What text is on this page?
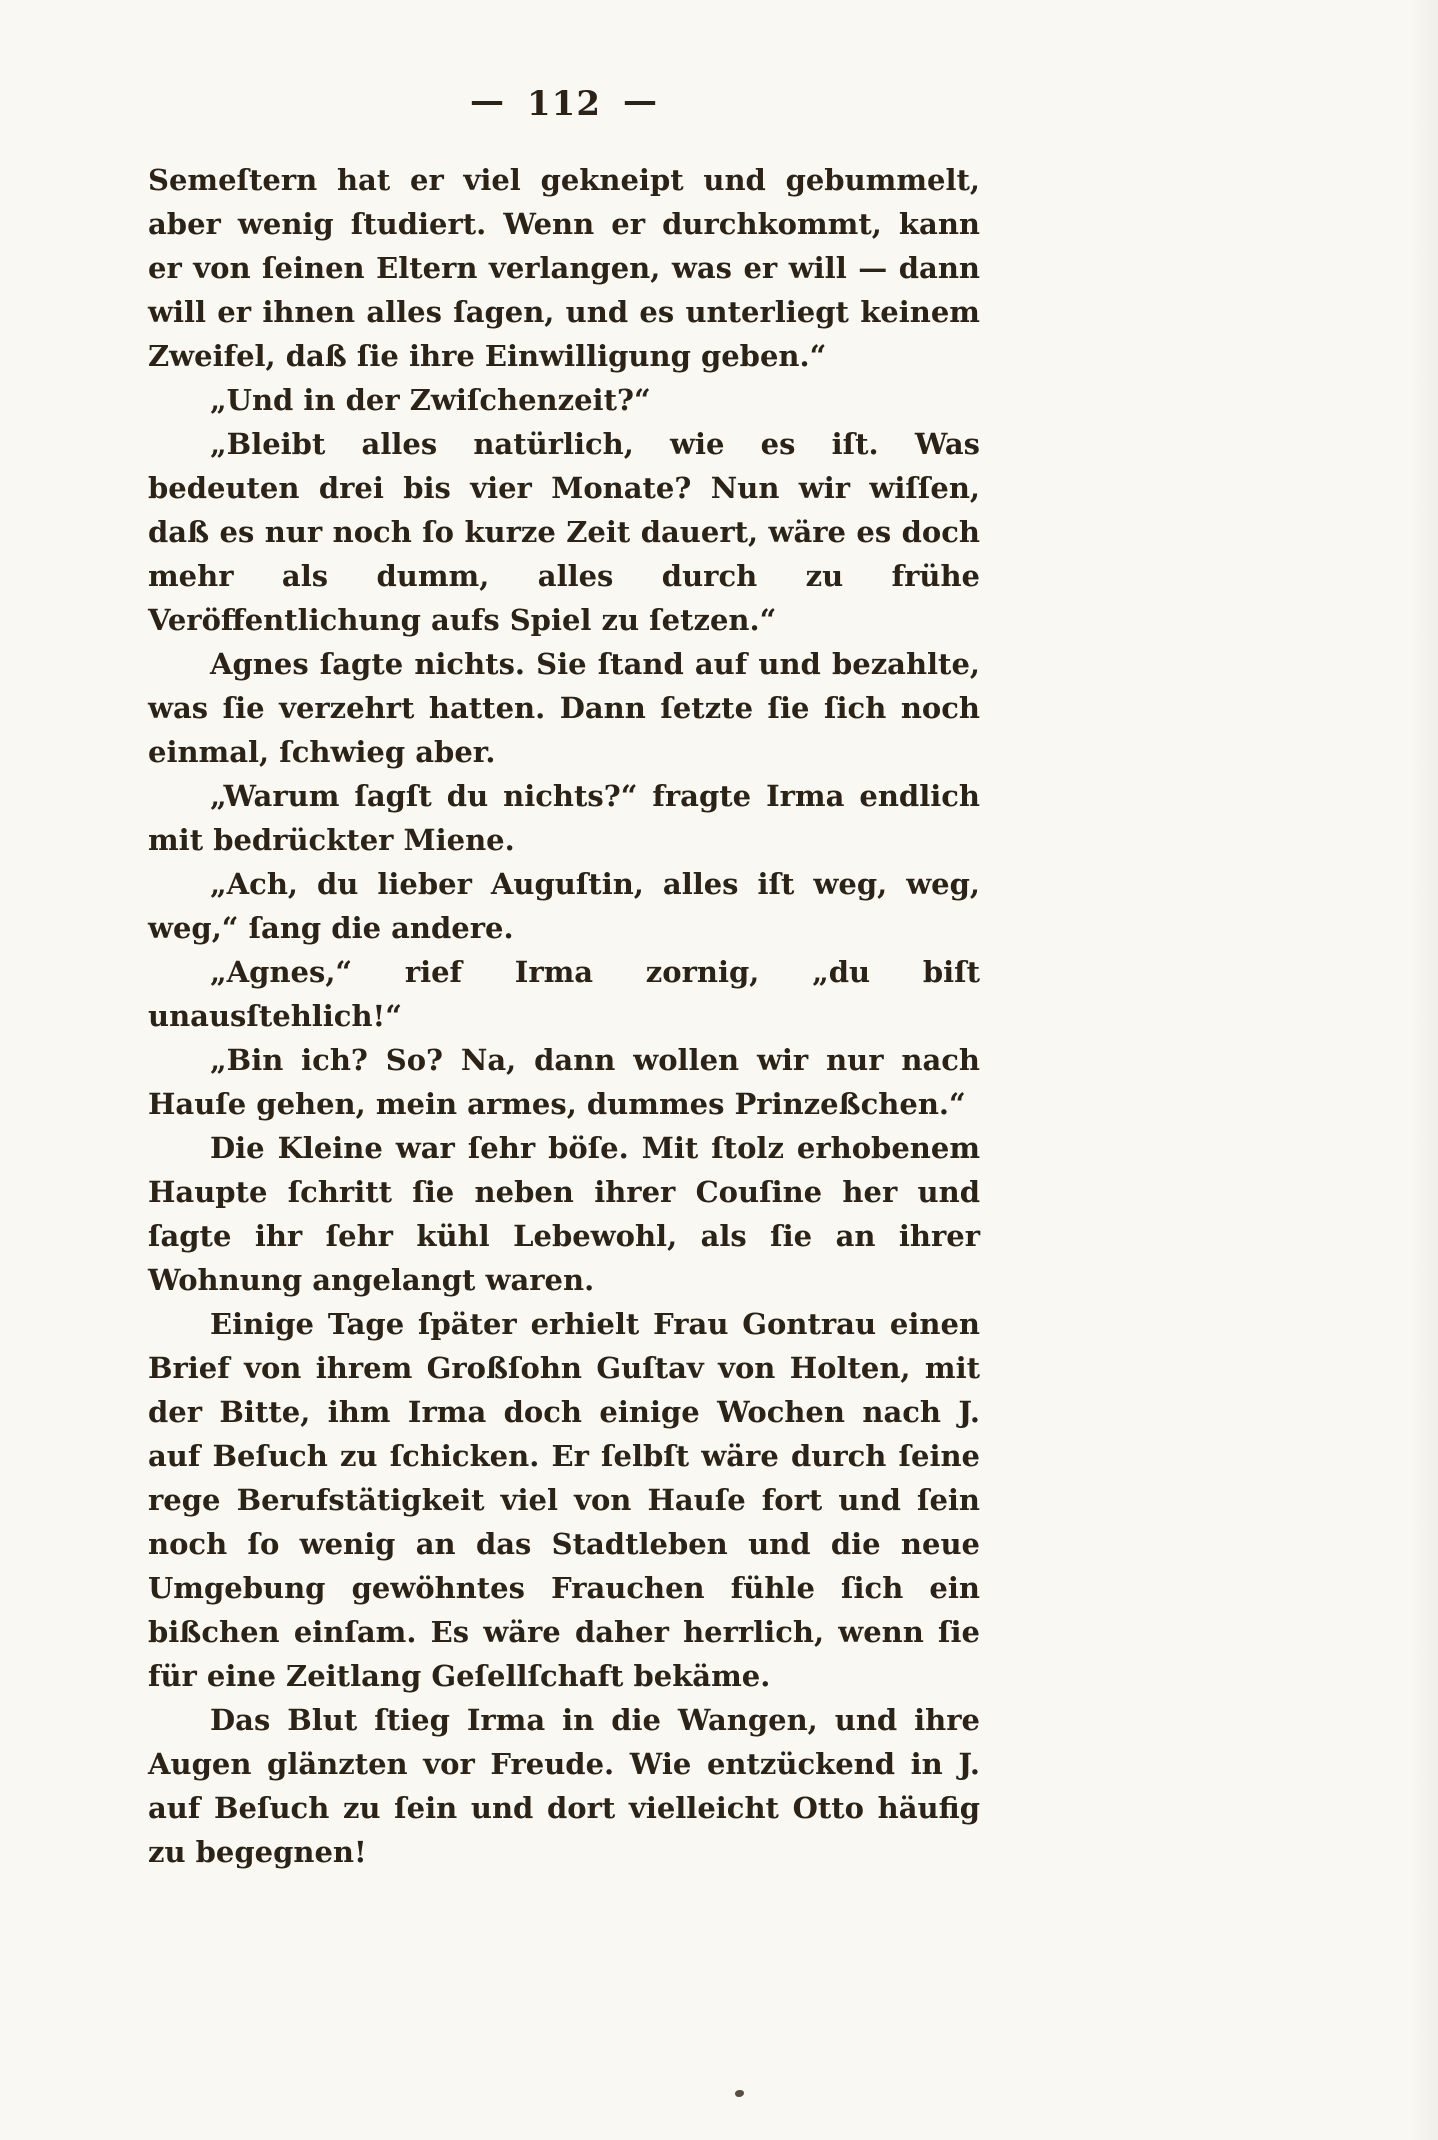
— 112 —

Semeſtern hat er viel gekneipt und gebummelt, aber wenig ſtudiert. Wenn er durchkommt, kann er von ſeinen Eltern verlangen, was er will — dann will er ihnen alles ſagen, und es unterliegt keinem Zweifel, daß ſie ihre Einwilligung geben.“

„Und in der Zwiſchenzeit?“

„Bleibt alles natürlich, wie es iſt. Was bedeuten drei bis vier Monate? Nun wir wiſſen, daß es nur noch ſo kurze Zeit dauert, wäre es doch mehr als dumm, alles durch zu frühe Veröffentlichung aufs Spiel zu ſetzen.“

Agnes ſagte nichts. Sie ſtand auf und bezahlte, was ſie verzehrt hatten. Dann ſetzte ſie ſich noch einmal, ſchwieg aber.

„Warum ſagſt du nichts?“ fragte Irma endlich mit bedrückter Miene.

„Ach, du lieber Auguſtin, alles iſt weg, weg, weg,“ ſang die andere.

„Agnes,“ rief Irma zornig, „du biſt unausſtehlich!“

„Bin ich? So? Na, dann wollen wir nur nach Hauſe gehen, mein armes, dummes Prinzeßchen.“

Die Kleine war ſehr böſe. Mit ſtolz erhobenem Haupte ſchritt ſie neben ihrer Couſine her und ſagte ihr ſehr kühl Lebewohl, als ſie an ihrer Wohnung angelangt waren.

Einige Tage ſpäter erhielt Frau Gontrau einen Brief von ihrem Großſohn Guſtav von Holten, mit der Bitte, ihm Irma doch einige Wochen nach J. auf Beſuch zu ſchicken. Er ſelbſt wäre durch ſeine rege Berufstätigkeit viel von Hauſe fort und ſein noch ſo wenig an das Stadtleben und die neue Umgebung gewöhntes Frauchen fühle ſich ein bißchen einſam. Es wäre daher herrlich, wenn ſie für eine Zeitlang Geſellſchaft bekäme.

Das Blut ſtieg Irma in die Wangen, und ihre Augen glänzten vor Freude. Wie entzückend in J. auf Beſuch zu ſein und dort vielleicht Otto häufig zu begegnen!
